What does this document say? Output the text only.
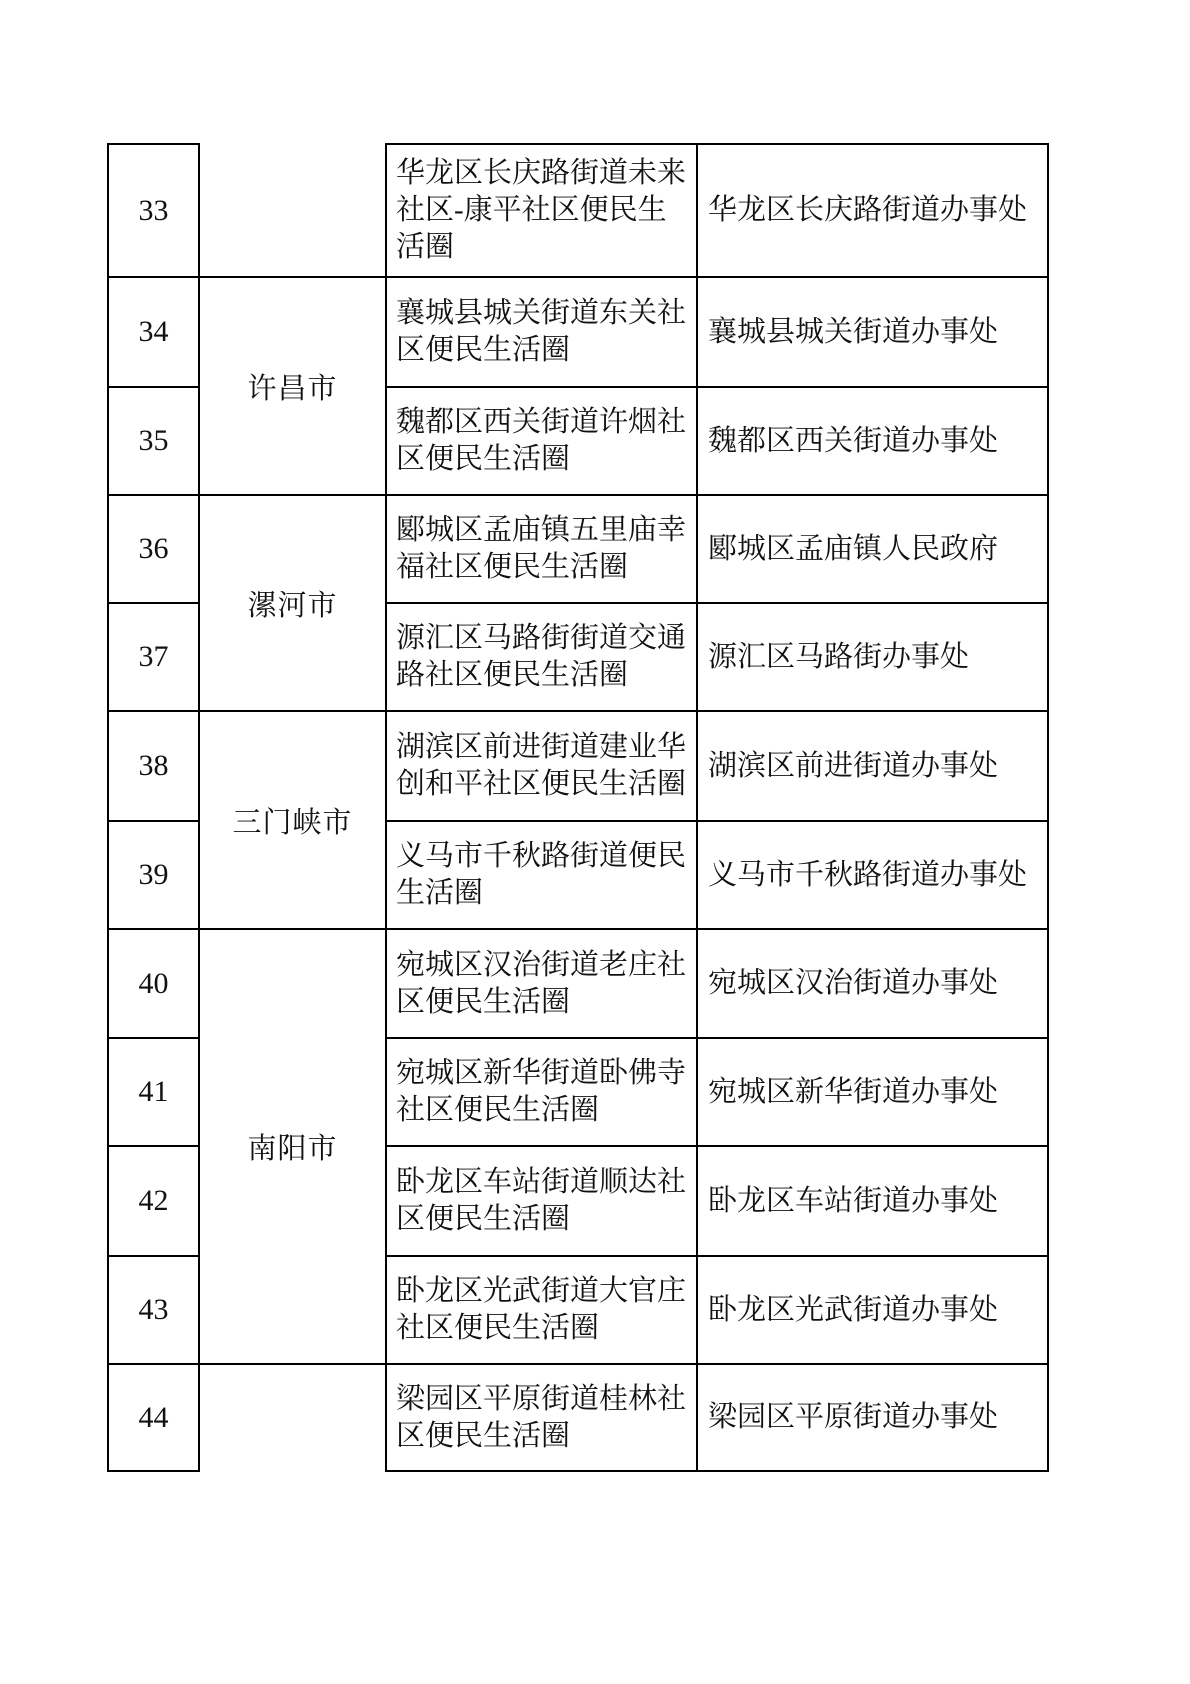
33		华龙区长庆路街道未来社区-康平社区便民生活圈	华龙区长庆路街道办事处
34	许昌市	襄城县城关街道东关社区便民生活圈	襄城县城关街道办事处
35		魏都区西关街道许烟社区便民生活圈	魏都区西关街道办事处
36	漯河市	郾城区孟庙镇五里庙幸福社区便民生活圈	郾城区孟庙镇人民政府
37		源汇区马路街街道交通路社区便民生活圈	源汇区马路街办事处
38	三门峡市	湖滨区前进街道建业华创和平社区便民生活圈	湖滨区前进街道办事处
39		义马市千秋路街道便民生活圈	义马市千秋路街道办事处
40	南阳市	宛城区汉治街道老庄社区便民生活圈	宛城区汉治街道办事处
41		宛城区新华街道卧佛寺社区便民生活圈	宛城区新华街道办事处
42		卧龙区车站街道顺达社区便民生活圈	卧龙区车站街道办事处
43		卧龙区光武街道大官庄社区便民生活圈	卧龙区光武街道办事处
44		梁园区平原街道桂林社区便民生活圈	梁园区平原街道办事处
